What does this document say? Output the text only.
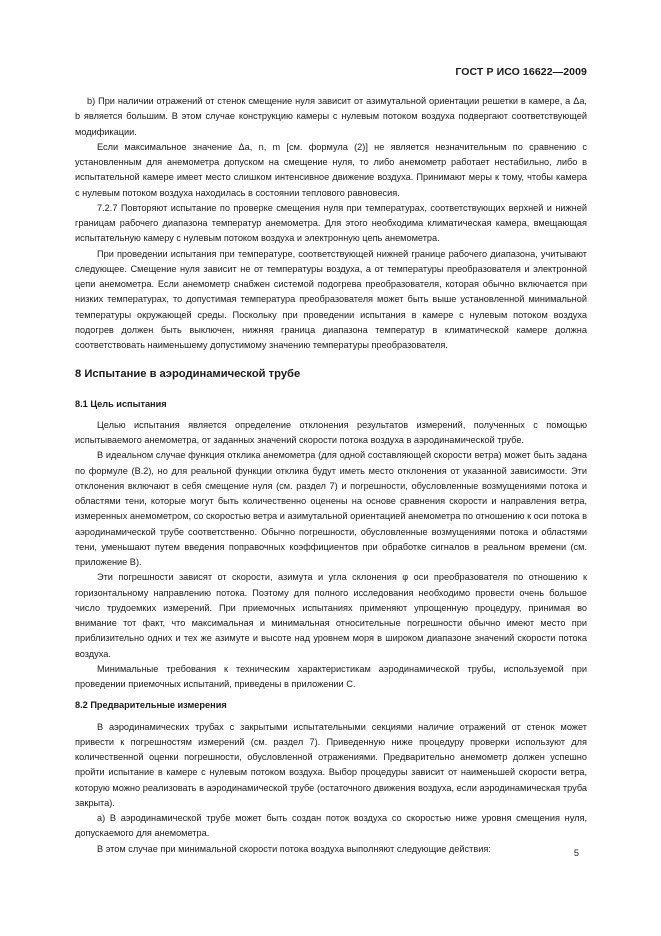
ГОСТ Р ИСО 16622—2009

b) При наличии отражений от стенок смещение нуля зависит от азимутальной ориентации решетки в камере, а Δa, b является большим. В этом случае конструкцию камеры с нулевым потоком воздуха подвергают соответствующей модификации.

Если максимальное значение Δa, n, m [см. формула (2)] не является незначительным по сравнению с установленным для анемометра допуском на смещение нуля, то либо анемометр работает нестабильно, либо в испытательной камере имеет место слишком интенсивное движение воздуха. Принимают меры к тому, чтобы камера с нулевым потоком воздуха находилась в состоянии теплового равновесия.

7.2.7 Повторяют испытание по проверке смещения нуля при температурах, соответствующих верхней и нижней границам рабочего диапазона температур анемометра. Для этого необходима климатическая камера, вмещающая испытательную камеру с нулевым потоком воздуха и электронную цепь анемометра.

При проведении испытания при температуре, соответствующей нижней границе рабочего диапазона, учитывают следующее. Смещение нуля зависит не от температуры воздуха, а от температуры преобразователя и электронной цепи анемометра. Если анемометр снабжен системой подогрева преобразователя, которая обычно включается при низких температурах, то допустимая температура преобразователя может быть выше установленной минимальной температуры окружающей среды. Поскольку при проведении испытания в камере с нулевым потоком воздуха подогрев должен быть выключен, нижняя граница диапазона температур в климатической камере должна соответствовать наименьшему допустимому значению температуры преобразователя.

8 Испытание в аэродинамической трубе
8.1 Цель испытания

Целью испытания является определение отклонения результатов измерений, полученных с помощью испытываемого анемометра, от заданных значений скорости потока воздуха в аэродинамической трубе.

В идеальном случае функция отклика анемометра (для одной составляющей скорости ветра) может быть задана по формуле (В.2), но для реальной функции отклика будут иметь место отклонения от указанной зависимости. Эти отклонения включают в себя смещение нуля (см. раздел 7) и погрешности, обусловленные возмущениями потока и областями тени, которые могут быть количественно оценены на основе сравнения скорости и направления ветра, измеренных анемометром, со скоростью ветра и азимутальной ориентацией анемометра по отношению к оси потока в аэродинамической трубе соответственно. Обычно погрешности, обусловленные возмущениями потока и областями тени, уменьшают путем введения поправочных коэффициентов при обработке сигналов в реальном времени (см. приложение В).

Эти погрешности зависят от скорости, азимута и угла склонения φ оси преобразователя по отношению к горизонтальному направлению потока. Поэтому для полного исследования необходимо провести очень большое число трудоемких измерений. При приемочных испытаниях применяют упрощенную процедуру, принимая во внимание тот факт, что максимальная и минимальная относительные погрешности обычно имеют место при приблизительно одних и тех же азимуте и высоте над уровнем моря в широком диапазоне значений скорости потока воздуха.

Минимальные требования к техническим характеристикам аэродинамической трубы, используемой при проведении приемочных испытаний, приведены в приложении С.

8.2 Предварительные измерения

В аэродинамических трубах с закрытыми испытательными секциями наличие отражений от стенок может привести к погрешностям измерений (см. раздел 7). Приведенную ниже процедуру проверки используют для количественной оценки погрешности, обусловленной отражениями. Предварительно анемометр должен успешно пройти испытание в камере с нулевым потоком воздуха. Выбор процедуры зависит от наименьшей скорости ветра, которую можно реализовать в аэродинамической трубе (остаточного движения воздуха, если аэродинамическая труба закрыта).

а) В аэродинамической трубе может быть создан поток воздуха со скоростью ниже уровня смещения нуля, допускаемого для анемометра.

В этом случае при минимальной скорости потока воздуха выполняют следующие действия:	5
